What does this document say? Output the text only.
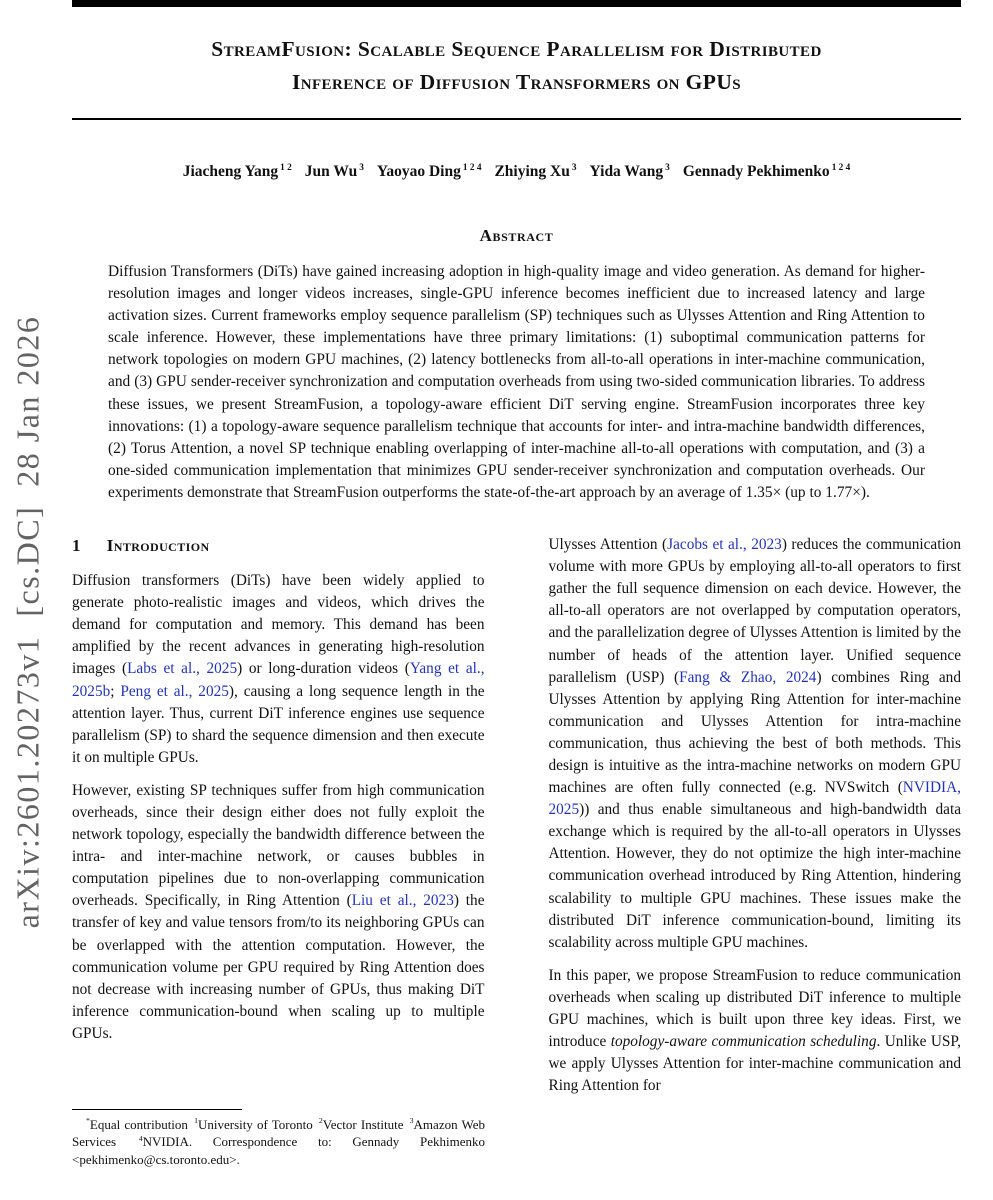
arXiv:2601.20273v1  [cs.DC]  28 Jan 2026
StreamFusion: Scalable Sequence Parallelism for Distributed
Inference of Diffusion Transformers on GPUs
Jiacheng Yang $^{1 2}$ Jun Wu $^3$ Yaoyao Ding $^{1 2 4}$ Zhiying Xu $^3$ Yida Wang $^3$ Gennady Pekhimenko $^{1 2 4}$
Abstract

Diffusion Transformers (DiTs) have gained increasing adoption in high-quality image and video generation. As demand for higher-resolution images and longer videos increases, single-GPU inference becomes inefficient due to increased latency and large activation sizes. Current frameworks employ sequence parallelism (SP) techniques such as Ulysses Attention and Ring Attention to scale inference. However, these implementations have three primary limitations: (1) suboptimal communication patterns for network topologies on modern GPU machines, (2) latency bottlenecks from all-to-all operations in inter-machine communication, and (3) GPU sender-receiver synchronization and computation overheads from using two-sided communication libraries. To address these issues, we present StreamFusion, a topology-aware efficient DiT serving engine. StreamFusion incorporates three key innovations: (1) a topology-aware sequence parallelism technique that accounts for inter- and intra-machine bandwidth differences, (2) Torus Attention, a novel SP technique enabling overlapping of inter-machine all-to-all operations with computation, and (3) a one-sided communication implementation that minimizes GPU sender-receiver synchronization and computation overheads. Our experiments demonstrate that StreamFusion outperforms the state-of-the-art approach by an average of 1.35× (up to 1.77×).

1 Introduction

Diffusion transformers (DiTs) have been widely applied to generate photo-realistic images and videos, which drives the demand for computation and memory. This demand has been amplified by the recent advances in generating high-resolution images (Labs et al., 2025) or long-duration videos (Yang et al., 2025b; Peng et al., 2025), causing a long sequence length in the attention layer. Thus, current DiT inference engines use sequence parallelism (SP) to shard the sequence dimension and then execute it on multiple GPUs.

However, existing SP techniques suffer from high communication overheads, since their design either does not fully exploit the network topology, especially the bandwidth difference between the intra- and inter-machine network, or causes bubbles in computation pipelines due to non-overlapping communication overheads. Specifically, in Ring Attention (Liu et al., 2023) the transfer of key and value tensors from/to its neighboring GPUs can be overlapped with the attention computation. However, the communication volume per GPU required by Ring Attention does not decrease with increasing number of GPUs, thus making DiT inference communication-bound when scaling up to multiple GPUs.

Ulysses Attention (Jacobs et al., 2023) reduces the communication volume with more GPUs by employing all-to-all operators to first gather the full sequence dimension on each device. However, the all-to-all operators are not overlapped by computation operators, and the parallelization degree of Ulysses Attention is limited by the number of heads of the attention layer. Unified sequence parallelism (USP) (Fang & Zhao, 2024) combines Ring and Ulysses Attention by applying Ring Attention for inter-machine communication and Ulysses Attention for intra-machine communication, thus achieving the best of both methods. This design is intuitive as the intra-machine networks on modern GPU machines are often fully connected (e.g. NVSwitch (NVIDIA, 2025)) and thus enable simultaneous and high-bandwidth data exchange which is required by the all-to-all operators in Ulysses Attention. However, they do not optimize the high inter-machine communication overhead introduced by Ring Attention, hindering scalability to multiple GPU machines. These issues make the distributed DiT inference communication-bound, limiting its scalability across multiple GPU machines.

In this paper, we propose StreamFusion to reduce communication overheads when scaling up distributed DiT inference to multiple GPU machines, which is built upon three key ideas. First, we introduce topology-aware communication scheduling. Unlike USP, we apply Ulysses Attention for inter-machine communication and Ring Attention for

*Equal contribution $^1$University of Toronto $^2$Vector Institute $^3$Amazon Web Services $^4$NVIDIA. Correspondence to: Gennady Pekhimenko <pekhimenko@cs.toronto.edu>.
